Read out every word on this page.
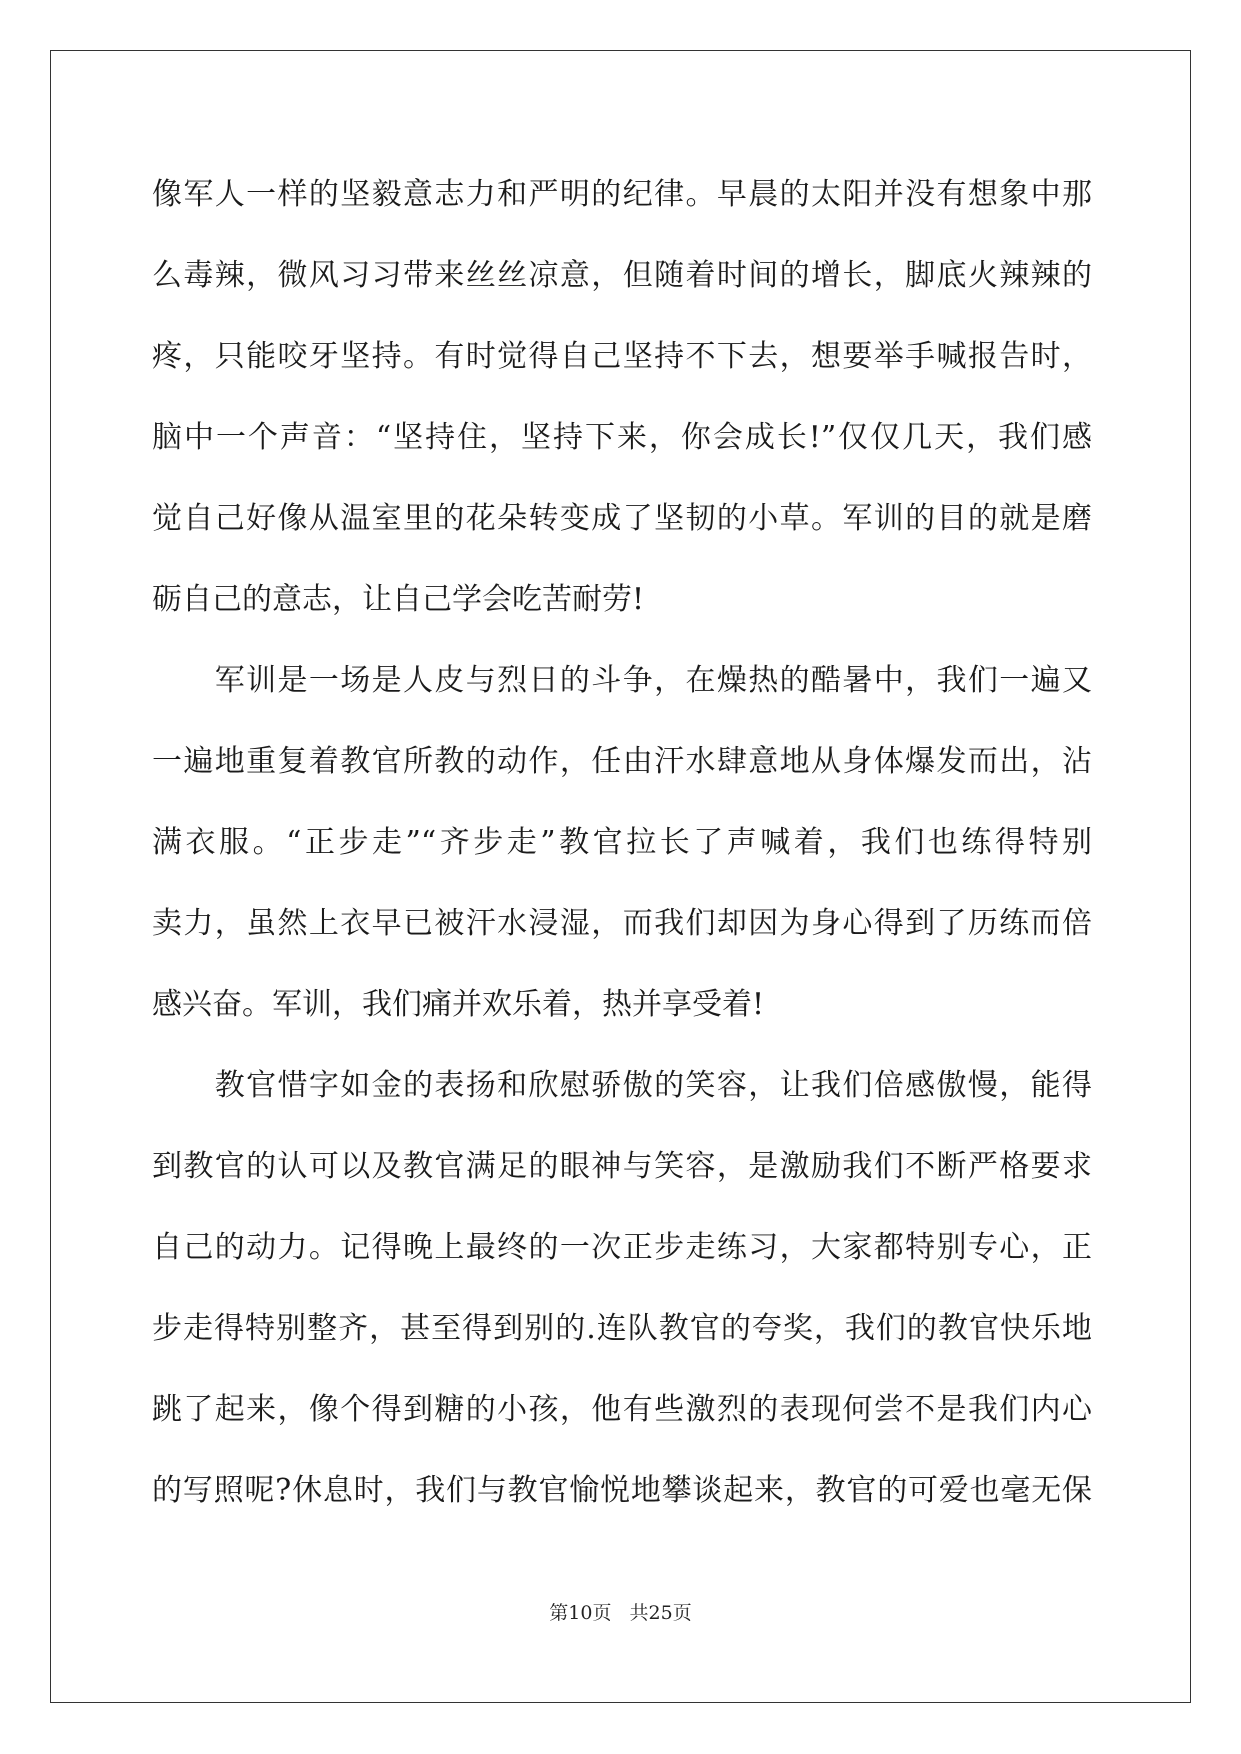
像军人一样的坚毅意志力和严明的纪律。早晨的太阳并没有想象中那
么毒辣，微风习习带来丝丝凉意，但随着时间的增长，脚底火辣辣的
疼，只能咬牙坚持。有时觉得自己坚持不下去，想要举手喊报告时，
脑中一个声音：“坚持住，坚持下来，你会成长!”仅仅几天，我们感
觉自己好像从温室里的花朵转变成了坚韧的小草。军训的目的就是磨
砺自己的意志，让自己学会吃苦耐劳!
　　军训是一场是人皮与烈日的斗争，在燥热的酷暑中，我们一遍又
一遍地重复着教官所教的动作，任由汗水肆意地从身体爆发而出，沾
满衣服。“正步走”“齐步走”教官拉长了声喊着，我们也练得特别
卖力，虽然上衣早已被汗水浸湿，而我们却因为身心得到了历练而倍
感兴奋。军训，我们痛并欢乐着，热并享受着!
　　教官惜字如金的表扬和欣慰骄傲的笑容，让我们倍感傲慢，能得
到教官的认可以及教官满足的眼神与笑容，是激励我们不断严格要求
自己的动力。记得晚上最终的一次正步走练习，大家都特别专心，正
步走得特别整齐，甚至得到别的.连队教官的夸奖，我们的教官快乐地
跳了起来，像个得到糖的小孩，他有些激烈的表现何尝不是我们内心
的写照呢?休息时，我们与教官愉悦地攀谈起来，教官的可爱也毫无保
第10页 共25页
